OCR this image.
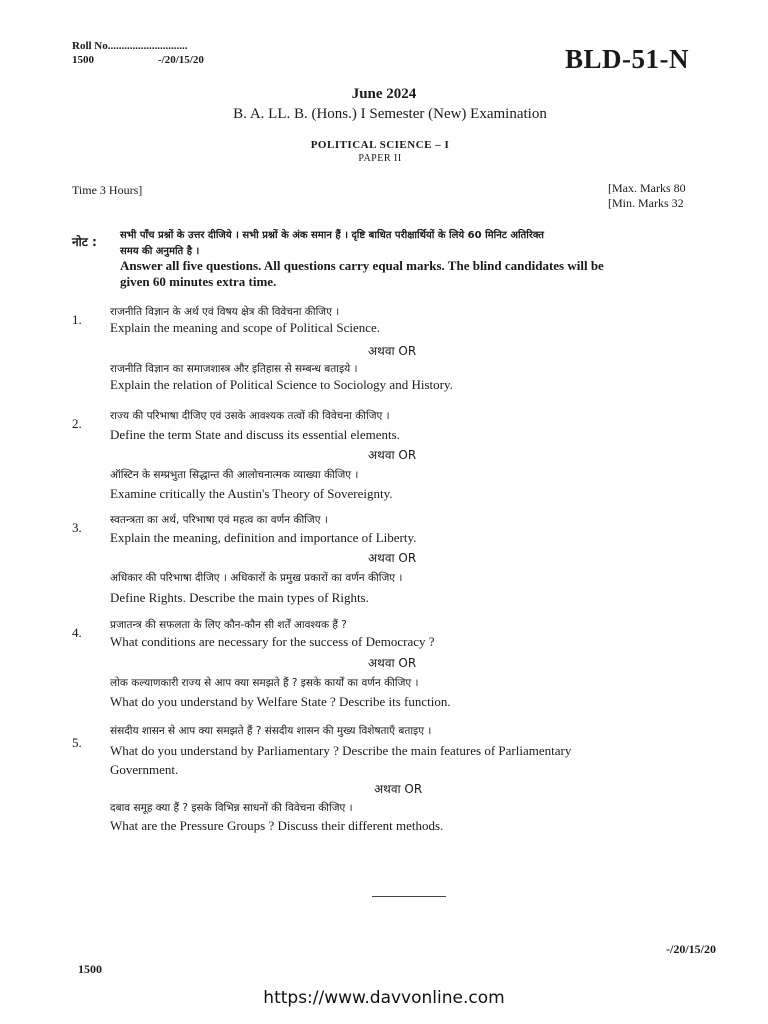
Roll No.............................
1500	-/20/15/20	BLD-51-N
June 2024
B. A. LL. B. (Hons.) I Semester (New) Examination
POLITICAL SCIENCE – I
PAPER II
Time 3 Hours]	[Max. Marks 80
[Min. Marks 32
नोट : सभी पाँच प्रश्नों के उत्तर दीजिये । सभी प्रश्नों के अंक समान हैं । दृष्टि बाधित परीक्षार्थियों के लिये 60 मिनिट अतिरिक्त
समय की अनुमति है ।
Answer all five questions. All questions carry equal marks. The blind candidates will be
given 60 minutes extra time.
1.	राजनीति विज्ञान के अर्थ एवं विषय क्षेत्र की विवेचना कीजिए ।
Explain the meaning and scope of Political Science.
अथवा OR
राजनीति विज्ञान का समाजशास्त्र और इतिहास से सम्बन्ध बताइये ।
Explain the relation of Political Science to Sociology and History.
2.	राज्य की परिभाषा दीजिए एवं उसके आवश्यक तत्वों की विवेचना कीजिए ।
Define the term State and discuss its essential elements.
अथवा OR
ऑस्टिन के सम्प्रभुता सिद्धान्त की आलोचनात्मक व्याख्या कीजिए ।
Examine critically the Austin's Theory of Sovereignty.
3.	स्वतन्त्रता का अर्थ, परिभाषा एवं महत्व का वर्णन कीजिए ।
Explain the meaning, definition and importance of Liberty.
अथवा OR
अधिकार की परिभाषा दीजिए । अधिकारों के प्रमुख प्रकारों का वर्णन कीजिए ।
Define Rights. Describe the main types of Rights.
4.	प्रजातन्त्र की सफलता के लिए कौन-कौन सी शर्तें आवश्यक हैं ?
What conditions are necessary for the success of Democracy ?
अथवा OR
लोक कल्याणकारी राज्य से आप क्या समझते हैं ? इसके कार्यों का वर्णन कीजिए ।
What do you understand by Welfare State ? Describe its function.
5.
संसदीय शासन से आप क्या समझते हैं ? संसदीय शासन की मुख्य विशेषताएँ बताइए ।
What do you understand by Parliamentary ? Describe the main features of Parliamentary
Government.
अथवा OR
दबाव समूह क्या हैं ? इसके विभिन्न साधनों की विवेचना कीजिए ।
What are the Pressure Groups ? Discuss their different methods.
-/20/15/20
1500
https://www.davvonline.com
